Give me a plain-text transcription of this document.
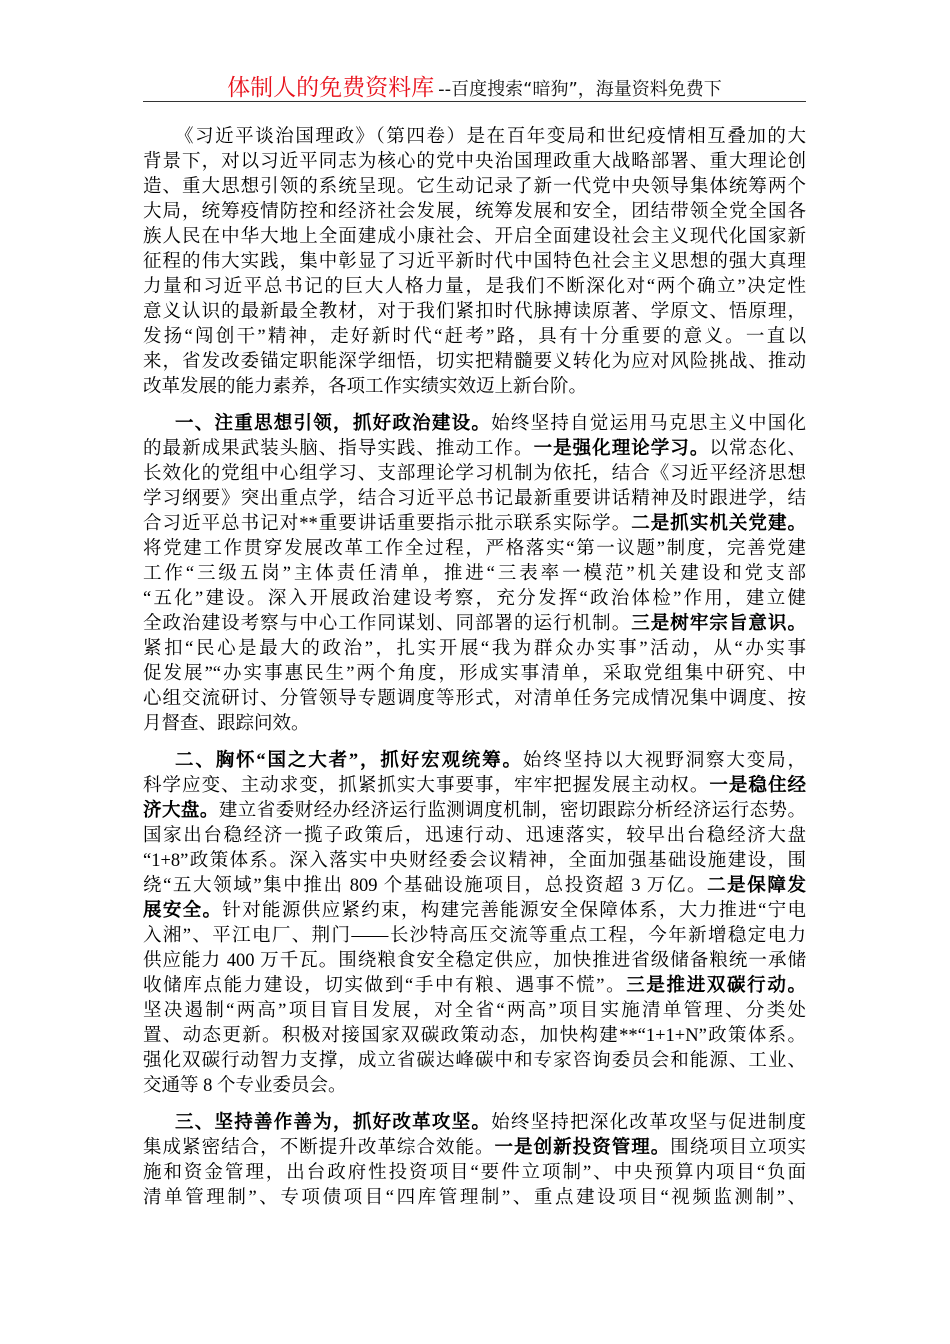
体制人的免费资料库 --百度搜索“暗狗”，海量资料免费下
《习近平谈治国理政》（第四卷）是在百年变局和世纪疫情相互叠加的大
背景下，对以习近平同志为核心的党中央治国理政重大战略部署、重大理论创
造、重大思想引领的系统呈现。它生动记录了新一代党中央领导集体统筹两个
大局，统筹疫情防控和经济社会发展，统筹发展和安全，团结带领全党全国各
族人民在中华大地上全面建成小康社会、开启全面建设社会主义现代化国家新
征程的伟大实践，集中彰显了习近平新时代中国特色社会主义思想的强大真理
力量和习近平总书记的巨大人格力量，是我们不断深化对“两个确立”决定性
意义认识的最新最全教材，对于我们紧扣时代脉搏读原著、学原文、悟原理，
发扬“闯创干”精神，走好新时代“赶考”路，具有十分重要的意义。一直以
来，省发改委锚定职能深学细悟，切实把精髓要义转化为应对风险挑战、推动
改革发展的能力素养，各项工作实绩实效迈上新台阶。
一、注重思想引领，抓好政治建设。始终坚持自觉运用马克思主义中国化
的最新成果武装头脑、指导实践、推动工作。一是强化理论学习。以常态化、
长效化的党组中心组学习、支部理论学习机制为依托，结合《习近平经济思想
学习纲要》突出重点学，结合习近平总书记最新重要讲话精神及时跟进学，结
合习近平总书记对**重要讲话重要指示批示联系实际学。二是抓实机关党建。
将党建工作贯穿发展改革工作全过程，严格落实“第一议题”制度，完善党建
工作“三级五岗”主体责任清单，推进“三表率一模范”机关建设和党支部
“五化”建设。深入开展政治建设考察，充分发挥“政治体检”作用，建立健
全政治建设考察与中心工作同谋划、同部署的运行机制。三是树牢宗旨意识。
紧扣“民心是最大的政治”，扎实开展“我为群众办实事”活动，从“办实事
促发展”“办实事惠民生”两个角度，形成实事清单，采取党组集中研究、中
心组交流研讨、分管领导专题调度等形式，对清单任务完成情况集中调度、按
月督查、跟踪问效。
二、胸怀“国之大者”，抓好宏观统筹。始终坚持以大视野洞察大变局，
科学应变、主动求变，抓紧抓实大事要事，牢牢把握发展主动权。一是稳住经
济大盘。建立省委财经办经济运行监测调度机制，密切跟踪分析经济运行态势。
国家出台稳经济一揽子政策后，迅速行动、迅速落实，较早出台稳经济大盘
“1+8”政策体系。深入落实中央财经委会议精神，全面加强基础设施建设，围
绕“五大领域”集中推出 809 个基础设施项目，总投资超 3 万亿。二是保障发
展安全。针对能源供应紧约束，构建完善能源安全保障体系，大力推进“宁电
入湘”、平江电厂、荆门——长沙特高压交流等重点工程，今年新增稳定电力
供应能力 400 万千瓦。围绕粮食安全稳定供应，加快推进省级储备粮统一承储
收储库点能力建设，切实做到“手中有粮、遇事不慌”。三是推进双碳行动。
坚决遏制“两高”项目盲目发展，对全省“两高”项目实施清单管理、分类处
置、动态更新。积极对接国家双碳政策动态，加快构建**“1+1+N”政策体系。
强化双碳行动智力支撑，成立省碳达峰碳中和专家咨询委员会和能源、工业、
交通等 8 个专业委员会。
三、坚持善作善为，抓好改革攻坚。始终坚持把深化改革攻坚与促进制度
集成紧密结合，不断提升改革综合效能。一是创新投资管理。围绕项目立项实
施和资金管理，出台政府性投资项目“要件立项制”、中央预算内项目“负面
清单管理制”、专项债项目“四库管理制”、重点建设项目“视频监测制”、
